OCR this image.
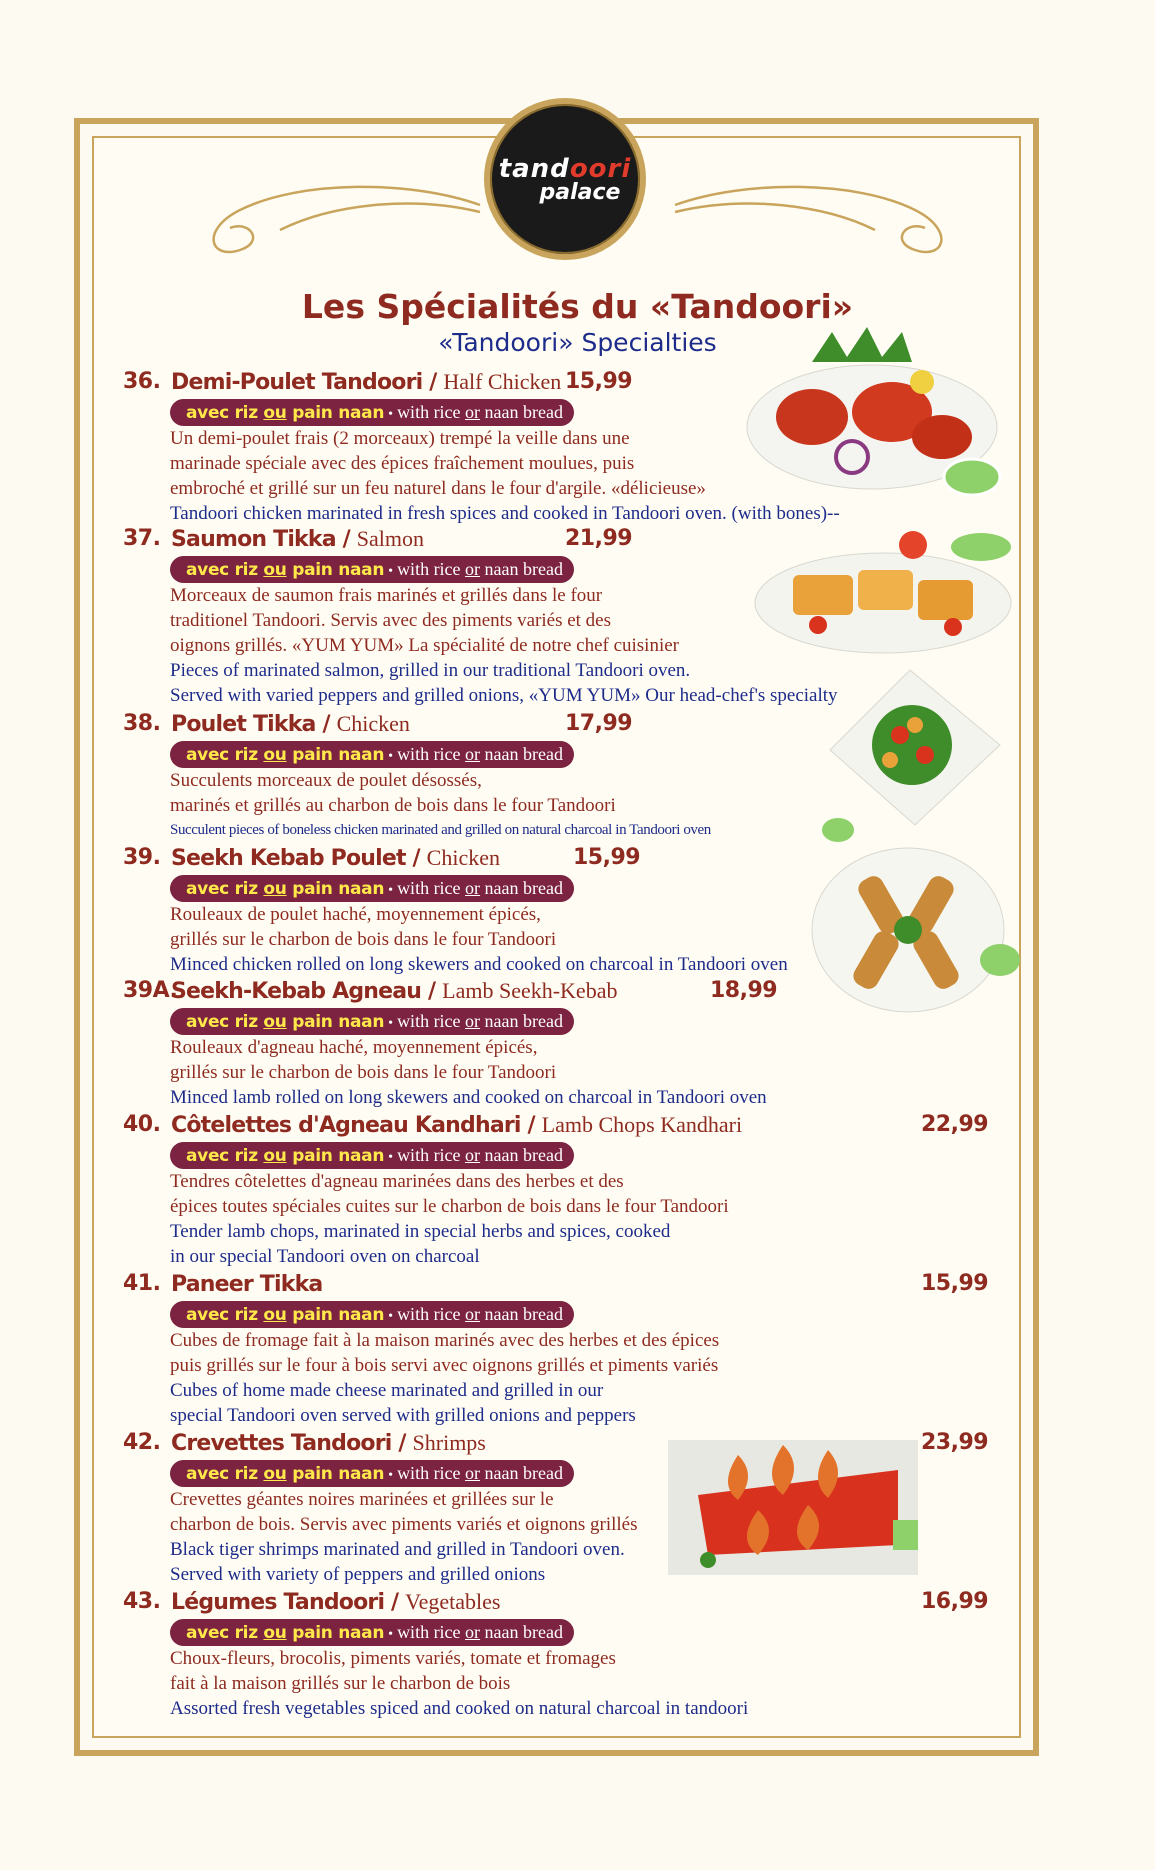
tandoori
palace
Les Spécialités du «Tandoori»
«Tandoori» Specialties
36. Demi-Poulet Tandoori / Half Chicken 15,99
avec riz ou pain naan • with rice or naan bread
Un demi-poulet frais (2 morceaux) trempé la veille dans une
marinade spéciale avec des épices fraîchement moulues, puis
embroché et grillé sur un feu naturel dans le four d'argile. «délicieuse»
Tandoori chicken marinated in fresh spices and cooked in Tandoori oven. (with bones)--
37. Saumon Tikka / Salmon	21,99
avec riz ou pain naan • with rice or naan bread
Morceaux de saumon frais marinés et grillés dans le four
traditionel Tandoori. Servis avec des piments variés et des
oignons grillés. «YUM YUM» La spécialité de notre chef cuisinier
Pieces of marinated salmon, grilled in our traditional Tandoori oven.
Served with varied peppers and grilled onions, «YUM YUM» Our head-chef's specialty
38. Poulet Tikka / Chicken	17,99
avec riz ou pain naan • with rice or naan bread
Succulents morceaux de poulet désossés,
marinés et grillés au charbon de bois dans le four Tandoori
Succulent pieces of boneless chicken marinated and grilled on natural charcoal in Tandoori oven
39. Seekh Kebab Poulet / Chicken	15,99
avec riz ou pain naan • with rice or naan bread
Rouleaux de poulet haché, moyennement épicés,
grillés sur le charbon de bois dans le four Tandoori
Minced chicken rolled on long skewers and cooked on charcoal in Tandoori oven
39A.
Seekh-Kebab Agneau / Lamb Seekh-Kebab	18,99
avec riz ou pain naan • with rice or naan bread
Rouleaux d'agneau haché, moyennement épicés,
grillés sur le charbon de bois dans le four Tandoori
Minced lamb rolled on long skewers and cooked on charcoal in Tandoori oven
40. Côtelettes d'Agneau Kandhari / Lamb Chops Kandhari	22,99
avec riz ou pain naan • with rice or naan bread
Tendres côtelettes d'agneau marinées dans des herbes et des
épices toutes spéciales cuites sur le charbon de bois dans le four Tandoori
Tender lamb chops, marinated in special herbs and spices, cooked
in our special Tandoori oven on charcoal
41. Paneer Tikka	15,99
avec riz ou pain naan • with rice or naan bread
Cubes de fromage fait à la maison marinés avec des herbes et des épices
puis grillés sur le four à bois servi avec oignons grillés et piments variés
Cubes of home made cheese marinated and grilled in our
special Tandoori oven served with grilled onions and peppers
42. Crevettes Tandoori / Shrimps	23,99
avec riz ou pain naan • with rice or naan bread
Crevettes géantes noires marinées et grillées sur le
charbon de bois. Servis avec piments variés et oignons grillés
Black tiger shrimps marinated and grilled in Tandoori oven.
Served with variety of peppers and grilled onions
43. Légumes Tandoori / Vegetables	16,99
avec riz ou pain naan • with rice or naan bread
Choux-fleurs, brocolis, piments variés, tomate et fromages
fait à la maison grillés sur le charbon de bois
Assorted fresh vegetables spiced and cooked on natural charcoal in tandoori
